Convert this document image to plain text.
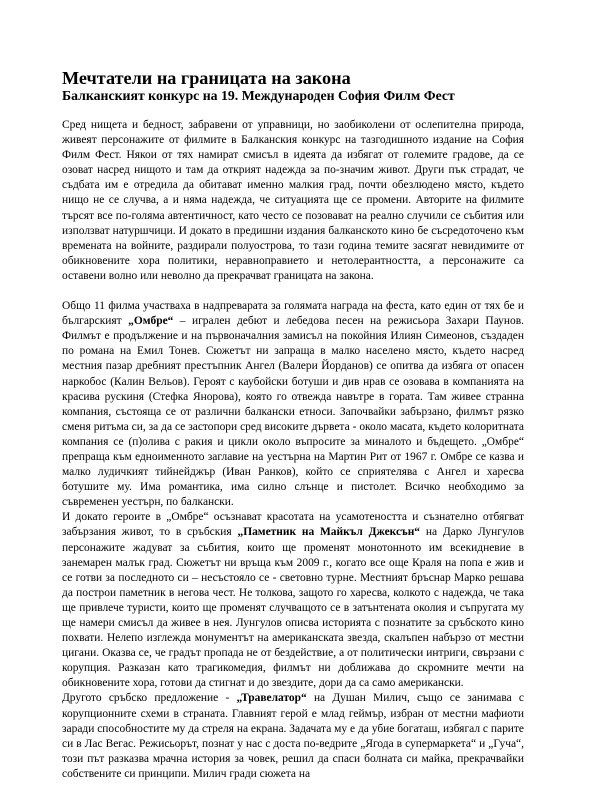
Мечтатели на границата на закона
Балканският конкурс на 19. Международен София Филм Фест

Сред нищета и бедност, забравени от управници, но заобиколени от ослепителна природа, живеят персонажите от филмите в Балканския конкурс на тазгодишното издание на София Филм Фест. Някои от тях намират смисъл в идеята да избягат от големите градове, да се озоват насред нищото и там да открият надежда за по-значим живот. Други пък страдат, че съдбата им е отредила да обитават именно малкия град, почти обезлюдено място, където нищо не се случва, а и няма надежда, че ситуацията ще се промени. Авторите на филмите търсят все по-голяма автентичност, като често се позовават на реално случили се събития или използват натуршчици. И докато в предишни издания балканското кино бе съсредоточено към времената на войните, раздирали полуострова, то тази година темите засягат невидимите от обикновените хора политики, неравноправието и нетолерантността, а персонажите са оставени волно или неволно да прекрачват границата на закона.

Общо 11 филма участваха в надпреварата за голямата награда на феста, като един от тях бе и българският „Омбре“ – игрален дебют и лебедова песен на режисьора Захари Паунов. Филмът е продължение и на първоначалния замисъл на покойния Илиян Симеонов, създаден по романа на Емил Тонев. Сюжетът ни запраща в малко населено място, където насред местния пазар дребният престъпник Ангел (Валери Йорданов) се опитва да избяга от опасен наркобос (Калин Вельов). Героят с каубойски ботуши и див нрав се озовава в компанията на красива рускиня (Стефка Янорова), която го отвежда навътре в гората. Там живее странна компания, състояща се от различни балкански етноси. Започвайки забързано, филмът рязко сменя ритъма си, за да се застопори сред високите дървета - около масата, където колоритната компания се (п)олива с ракия и цикли около въпросите за миналото и бъдещето. „Омбре“ препраща към едноименното заглавие на уестърна на Мартин Рит от 1967 г. Омбре се казва и малко лудичкият тийнейджър (Иван Ранков), който се сприятелява с Ангел и харесва ботушите му. Има романтика, има силно слънце и пистолет. Всичко необходимо за съвременен уестърн, по балкански.

И докато героите в „Омбре“ осъзнават красотата на усамотеността и съзнателно отбягват забързания живот, то в сръбския „Паметник на Майкъл Джексън“ на Дарко Лунгулов персонажите жадуват за събития, които ще променят монотонното им всекидневие в занемарен малък град. Сюжетът ни връща към 2009 г., когато все още Краля на попа е жив и се готви за последното си – несъстояло се - световно турне. Местният бръснар Марко решава да построи паметник в негова чест. Не толкова, защото го харесва, колкото с надежда, че така ще привлече туристи, които ще променят случващото се в затънтената околия и съпругата му ще намери смисъл да живее в нея. Лунгулов описва историята с познатите за сръбското кино похвати. Нелепо изглежда монументът на американската звезда, скалъпен набързо от местни цигани. Оказва се, че градът пропада не от бездействие, а от политически интриги, свързани с корупция. Разказан като трагикомедия, филмът ни доближава до скромните мечти на обикновените хора, готови да стигнат и до звездите, дори да са само американски.

Другото сръбско предложение - „Травелатор“ на Душан Милич, също се занимава с корупционните схеми в страната. Главният герой е млад геймър, избран от местни мафиоти заради способностите му да стреля на екрана. Задачата му е да убие богаташ, избягал с парите си в Лас Вегас. Режисьорът, познат у нас с доста по-ведрите „Ягода в супермаркета“ и „Гуча“, този път разказва мрачна история за човек, решил да спаси болната си майка, прекрачвайки собствените си принципи. Милич гради сюжета на
